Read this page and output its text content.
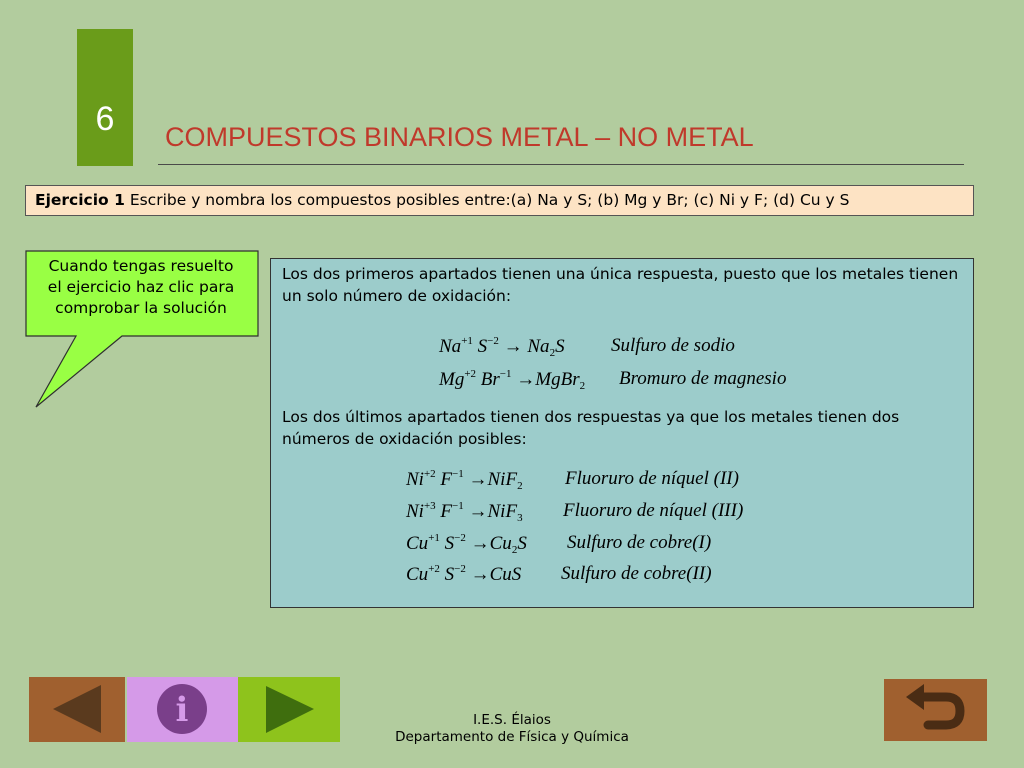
6	COMPUESTOS BINARIOS METAL – NO METAL
Ejercicio 1 Escribe y nombra los compuestos posibles entre:(a) Na y S; (b) Mg y Br; (c) Ni y F; (d) Cu y S
Cuando tengas resuelto
el ejercicio haz clic para
comprobar la solución
Los dos primeros apartados tienen una única respuesta, puesto que los metales tienen un solo número de oxidación:
$Na^{+1}$ $S^{-2} \to Na_2S$ Sulfuro de sodio
$Mg^{+2}$ $Br^{-1}$ →MgBr$_2$ Bromuro de magnesio
Los dos últimos apartados tienen dos respuestas ya que los metales tienen dos números de oxidación posibles:
$Ni^{+2}$ $F^{-1} \to NiF_2$ Fluoruro de níquel (II)
$Ni^{+3}$ $F^{-1} \to NiF_3$ Fluoruro de níquel (III)
$Cu^{+1}$ $S^{-2} \to Cu_2S$ Sulfuro de cobre(I)
$Cu^{+2}$ $S^{-2} \to CuS$ Sulfuro de cobre(II)
i	I.E.S. Élaios
Departamento de Física y Química
